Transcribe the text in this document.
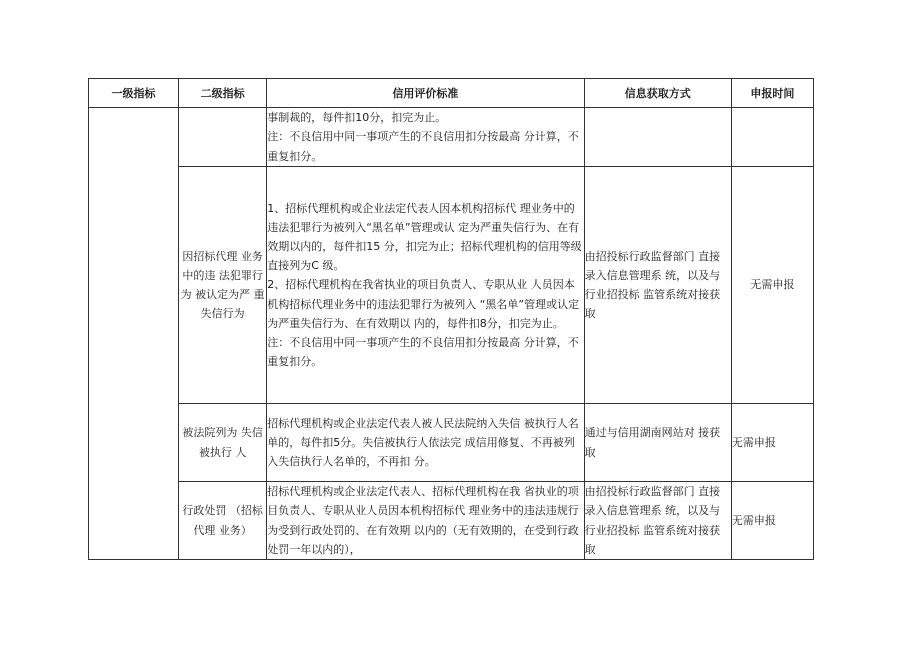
一级指标	二级指标	信用评价标准	信息获取方式	申报时间

		事制裁的，每件扣10分，扣完为止。

注：不良信用中同一事项产生的不良信用扣分按最高 分计算，不重复扣分。		

	因招标代理 业务中的违 法犯罪行为 被认定为严 重失信行为	1、招标代理机构或企业法定代表人因本机构招标代 理业务中的违法犯罪行为被列入“黑名单”管理或认 定为严重失信行为、在有效期以内的，每件扣15 分，扣完为止；招标代理机构的信用等级直接列为C 级。

2、招标代理机构在我省执业的项目负责人、专职从业 人员因本机构招标代理业务中的违法犯罪行为被列入 “黑名单”管理或认定为严重失信行为、在有效期以 内的，每件扣8分，扣完为止。

注：不良信用中同一事项产生的不良信用扣分按最高 分计算，不重复扣分。	由招投标行政监督部门 直接录入信息管理系 统，以及与行业招投标 监管系统对接获取	无需申报
	被法院列为 失信被执行 人	招标代理机构或企业法定代表人被人民法院纳入失信 被执行人名单的，每件扣5分。失信被执行人依法完 成信用修复、不再被列入失信执行人名单的，不再扣 分。	通过与信用湖南网站对 接获取	无需申报
	行政处罚 （招标代理 业务）	招标代理机构或企业法定代表人、招标代理机构在我 省执业的项目负责人、专职从业人员因本机构招标代 理业务中的违法违规行为受到行政处罚的、在有效期 以内的（无有效期的，在受到行政处罚一年以内的），	由招投标行政监督部门 直接录入信息管理系 统，以及与行业招投标 监管系统对接获取	无需申报
